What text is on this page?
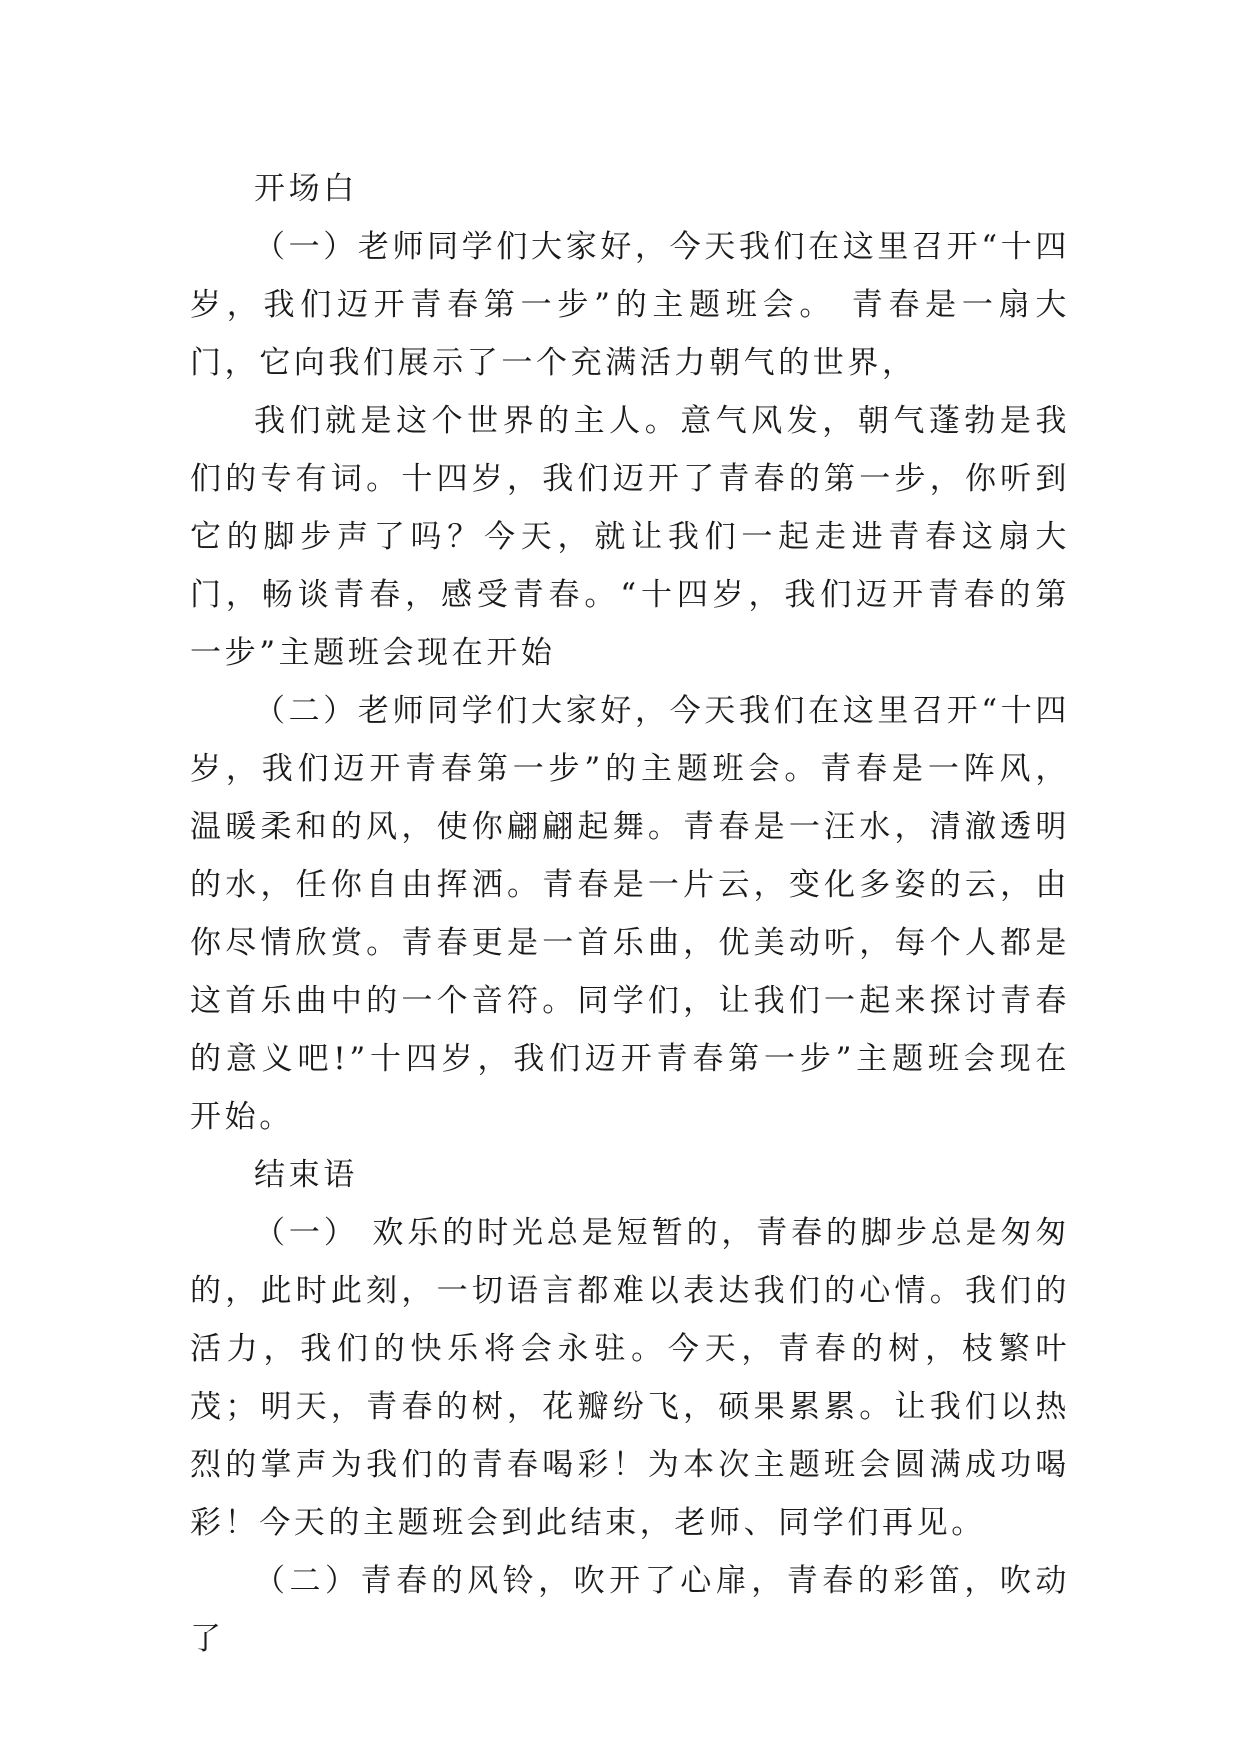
开场白

（一）老师同学们大家好，今天我们在这里召开“十四岁，我们迈开青春第一步”的主题班会。 青春是一扇大门，它向我们展示了一个充满活力朝气的世界，

我们就是这个世界的主人。意气风发，朝气蓬勃是我们的专有词。十四岁，我们迈开了青春的第一步，你听到它的脚步声了吗？今天，就让我们一起走进青春这扇大门，畅谈青春，感受青春。“十四岁，我们迈开青春的第一步”主题班会现在开始

（二）老师同学们大家好，今天我们在这里召开“十四岁，我们迈开青春第一步”的主题班会。青春是一阵风，温暖柔和的风，使你翩翩起舞。青春是一汪水，清澈透明的水，任你自由挥洒。青春是一片云，变化多姿的云，由你尽情欣赏。青春更是一首乐曲，优美动听，每个人都是这首乐曲中的一个音符。同学们，让我们一起来探讨青春的意义吧!”十四岁，我们迈开青春第一步”主题班会现在开始。

结束语

（一） 欢乐的时光总是短暂的，青春的脚步总是匆匆的，此时此刻，一切语言都难以表达我们的心情。我们的活力，我们的快乐将会永驻。今天，青春的树，枝繁叶茂；明天，青春的树，花瓣纷飞，硕果累累。让我们以热烈的掌声为我们的青春喝彩！为本次主题班会圆满成功喝彩！今天的主题班会到此结束，老师、同学们再见。

（二）青春的风铃，吹开了心扉，青春的彩笛，吹动了
